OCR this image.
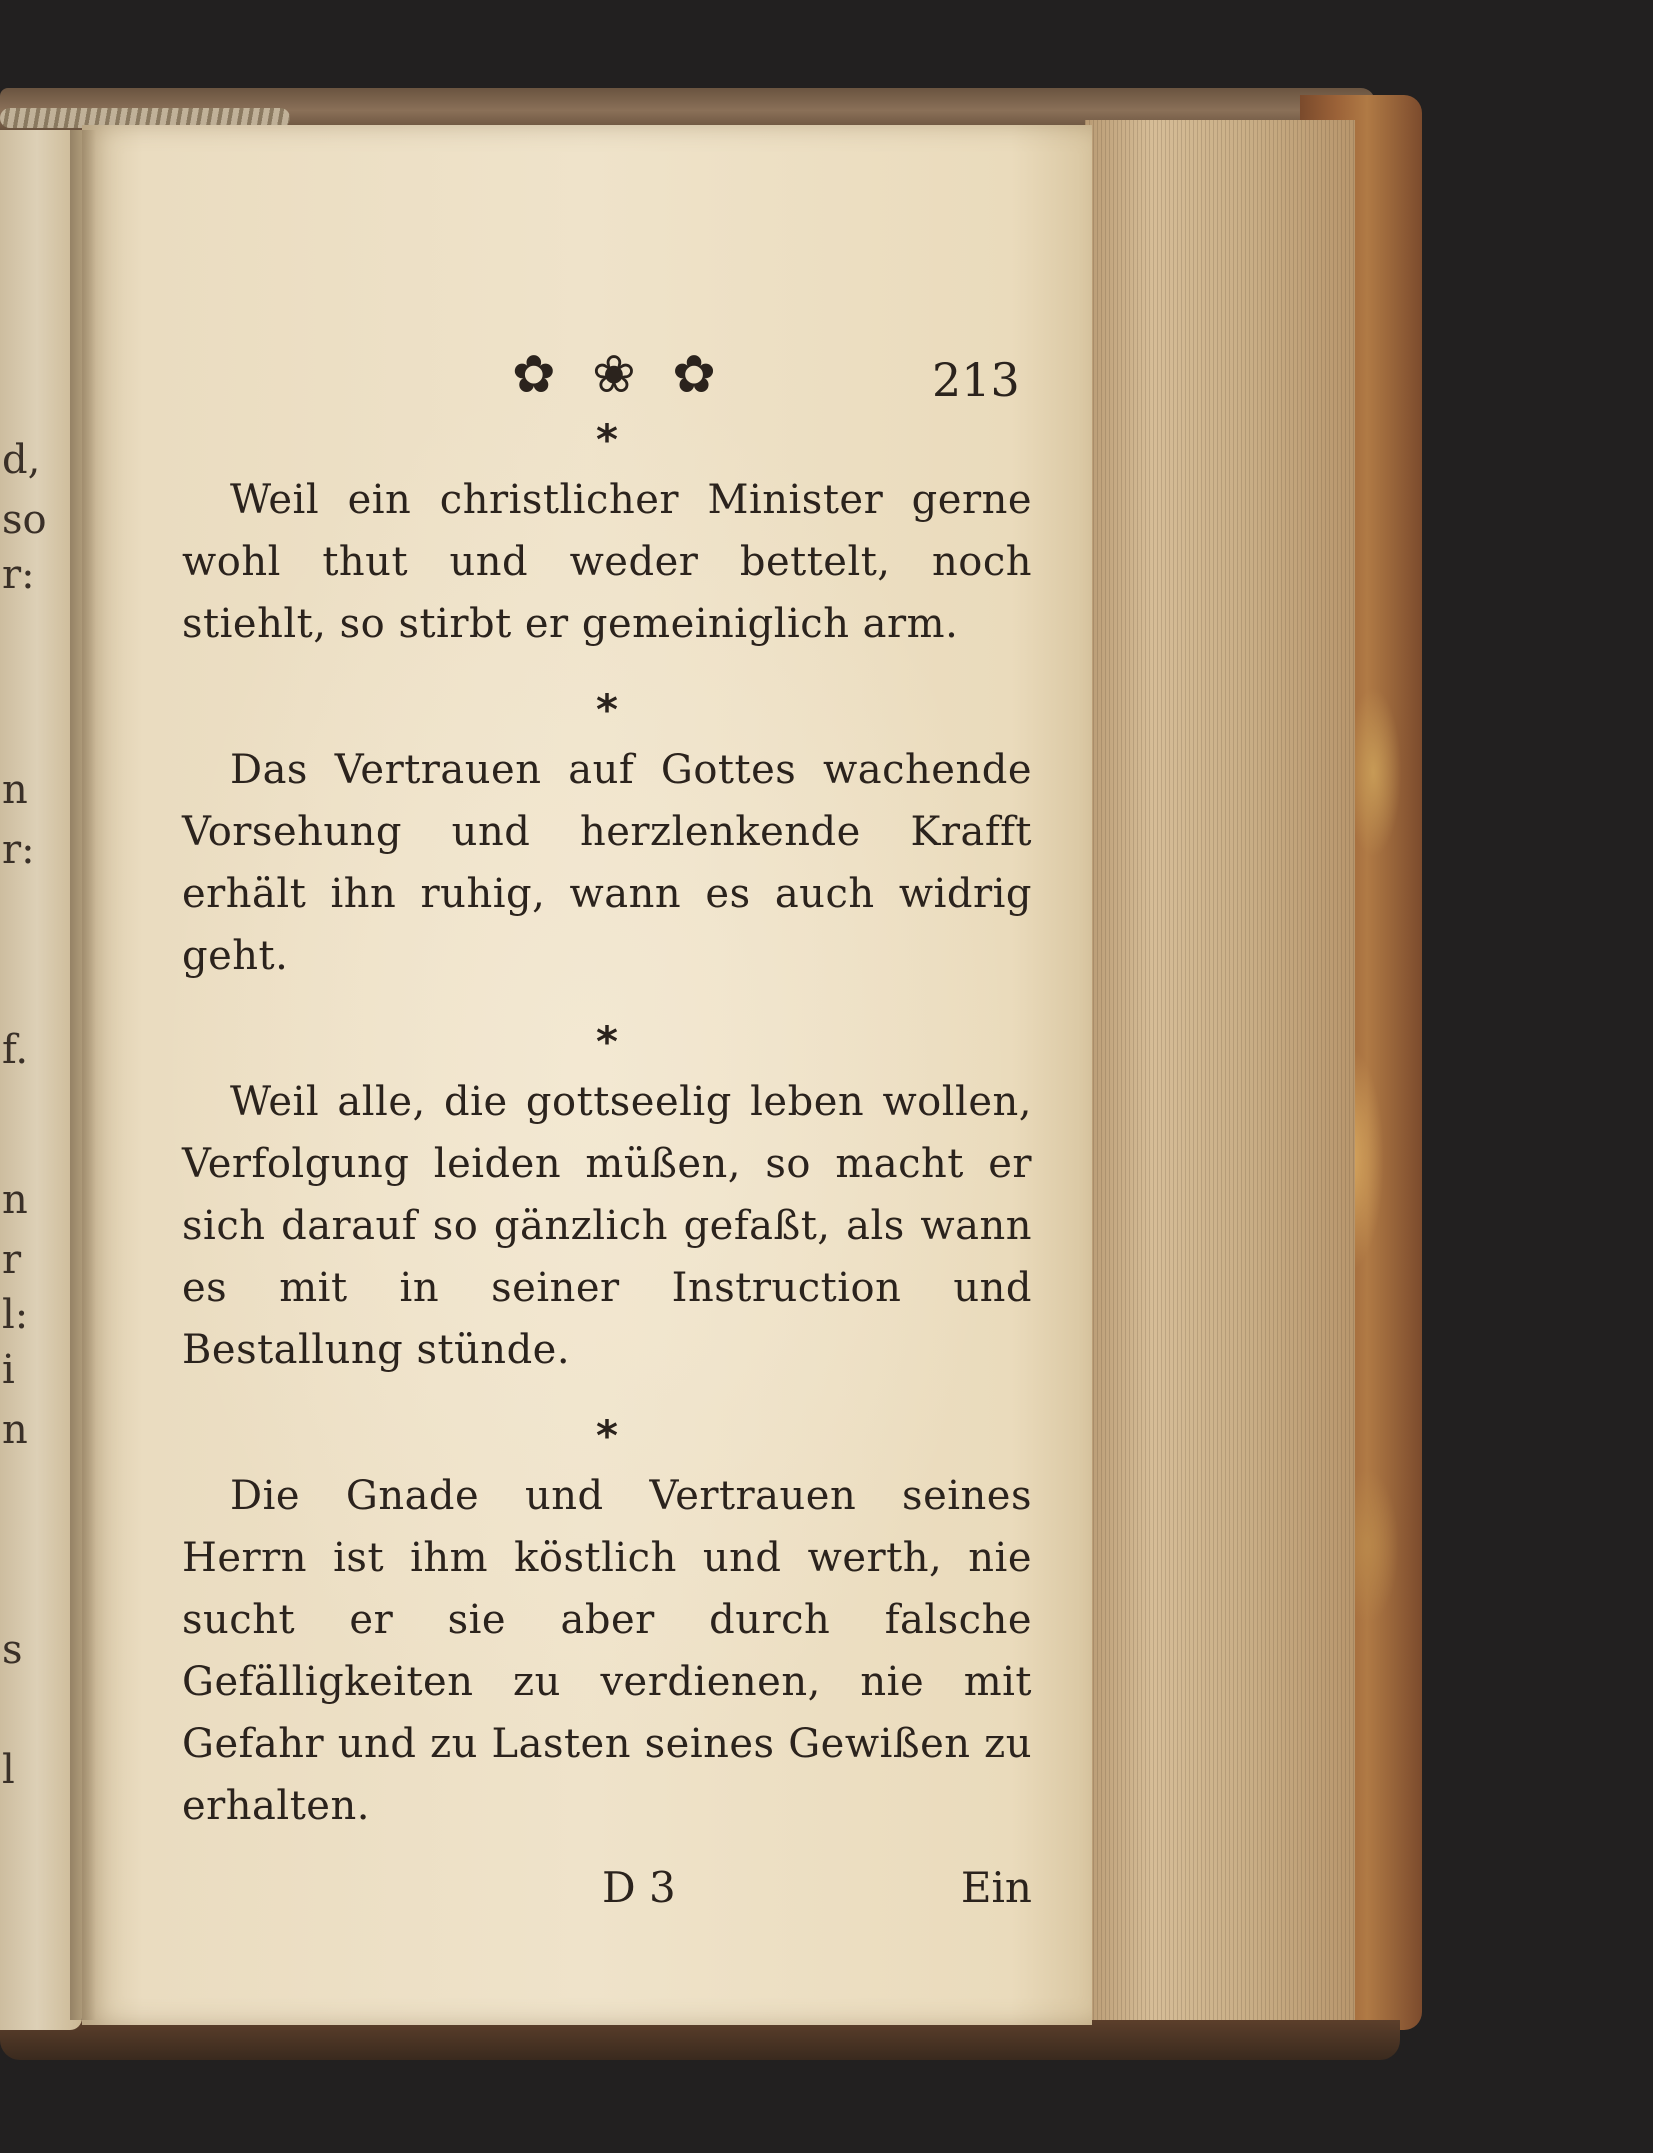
d,
so
r:
n
r:
f.
n
r
l:
i
n
s
l
✿ ❀ ✿	213
*

Weil ein christlicher Minister gerne wohl thut und weder bettelt, noch stiehlt, so stirbt er gemeiniglich arm.

*

Das Vertrauen auf Gottes wachende Vorsehung und herzlenkende Krafft erhält ihn ruhig, wann es auch widrig geht.

*

Weil alle, die gottseelig leben wollen, Verfolgung leiden müßen, so macht er sich darauf so gänzlich gefaßt, als wann es mit in seiner Instruction und Bestallung stünde.

*

Die Gnade und Vertrauen seines Herrn ist ihm köstlich und werth, nie sucht er sie aber durch falsche Gefälligkeiten zu verdienen, nie mit Gefahr und zu Lasten seines Gewißen zu erhalten.

D 3	Ein
